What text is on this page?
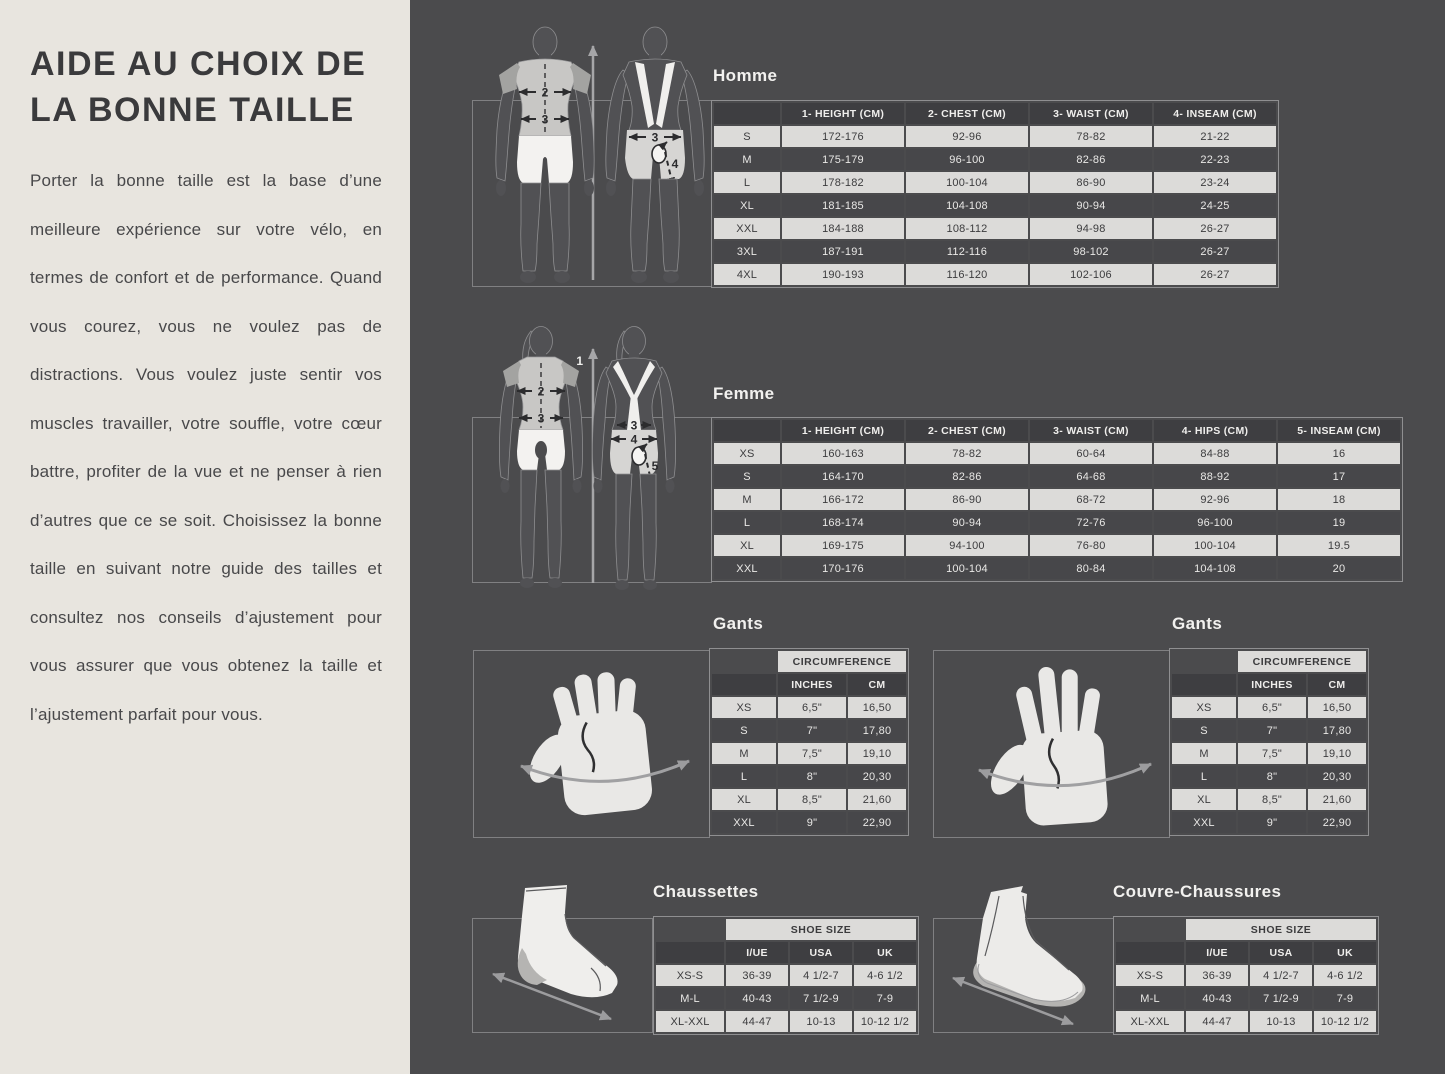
AIDE AU CHOIX DE LA BONNE TAILLE

Porter la bonne taille est la base d’une meilleure expérience sur votre vélo, en termes de confort et de performance. Quand vous courez, vous ne voulez pas de distractions. Vous voulez juste sentir vos muscles travailler, votre souffle, votre cœur battre, profiter de la vue et ne penser à rien d’autres que ce se soit. Choisissez la bonne taille en suivant notre guide des tailles et consultez nos conseils d’ajustement pour vous assurer que vous obtenez la taille et l’ajustement parfait pour vous.

2
3
3
4
1
2
3	3
4
5
Homme
Femme
Gants	Gants
Chaussettes	Couvre-Chaussures
	1- HEIGHT (CM)	2- CHEST (CM)	3- WAIST (CM)	4- INSEAM (CM)
S	172-176	92-96	78-82	21-22
M	175-179	96-100	82-86	22-23
L	178-182	100-104	86-90	23-24
XL	181-185	104-108	90-94	24-25
XXL	184-188	108-112	94-98	26-27
3XL	187-191	112-116	98-102	26-27
4XL	190-193	116-120	102-106	26-27
	1- HEIGHT (CM)	2- CHEST (CM)	3- WAIST (CM)	4- HIPS (CM)	5- INSEAM (CM)
XS	160-163	78-82	60-64	84-88	16
S	164-170	82-86	64-68	88-92	17
M	166-172	86-90	68-72	92-96	18
L	168-174	90-94	72-76	96-100	19
XL	169-175	94-100	76-80	100-104	19.5
XXL	170-176	100-104	80-84	104-108	20
	CIRCUMFERENCE	
	INCHES	CM
XS	6,5"	16,50
S	7"	17,80
M	7,5"	19,10
L	8"	20,30
XL	8,5"	21,60
XXL	9"	22,90
	CIRCUMFERENCE	
	INCHES	CM
XS	6,5"	16,50
S	7"	17,80
M	7,5"	19,10
L	8"	20,30
XL	8,5"	21,60
XXL	9"	22,90
	SHOE SIZE		
	I/UE	USA	UK
XS-S	36-39	4 1/2-7	4-6 1/2
M-L	40-43	7 1/2-9	7-9
XL-XXL	44-47	10-13	10-12 1/2
	SHOE SIZE		
	I/UE	USA	UK
XS-S	36-39	4 1/2-7	4-6 1/2
M-L	40-43	7 1/2-9	7-9
XL-XXL	44-47	10-13	10-12 1/2
